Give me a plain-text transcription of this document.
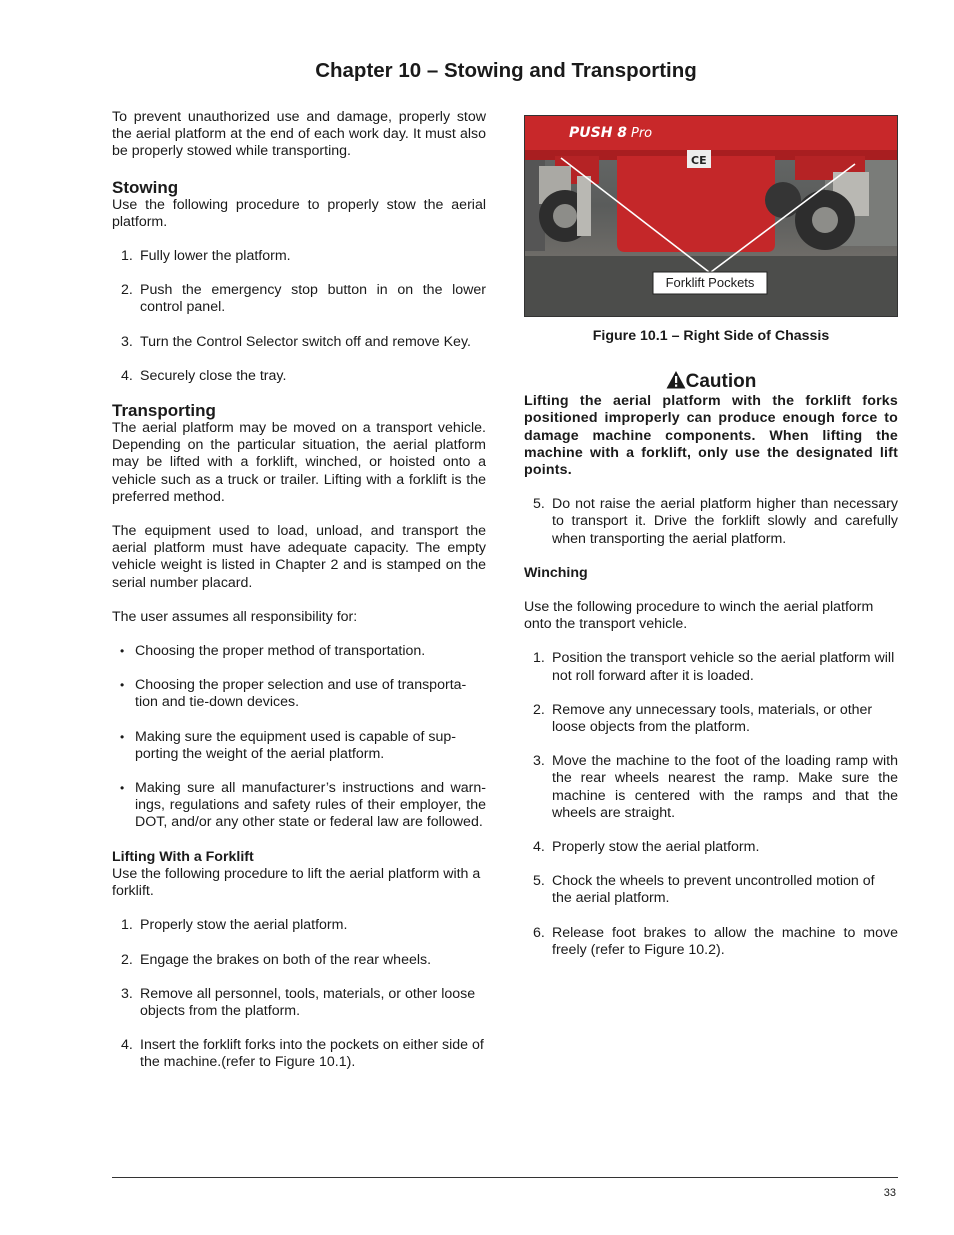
Chapter 10 – Stowing and Transporting

To prevent unauthorized use and damage, properly stow the aerial platform at the end of each work day. It must also be properly stowed while transporting.

Stowing

Use the following procedure to properly stow the aerial platform.

1. Fully lower the platform.
2. Push the emergency stop button in on the lower control panel.
3. Turn the Control Selector switch off and remove Key.
4. Securely close the tray.
Transporting

The aerial platform may be moved on a transport vehicle. Depending on the particular situation, the aerial platform may be lifted with a forklift, winched, or hoisted onto a vehicle such as a truck or trailer. Lifting with a forklift is the preferred method.

The equipment used to load, unload, and transport the aerial platform must have adequate capacity. The empty vehicle weight is listed in Chapter 2 and is stamped on the serial number placard.

The user assumes all responsibility for:

• Choosing the proper method of transportation.
• Choosing the proper selection and use of transporta-tion and tie-down devices.
• Making sure the equipment used is capable of sup-porting the weight of the aerial platform.
• Making sure all manufacturer’s instructions and warn-ings, regulations and safety rules of their employer, the DOT, and/or any other state or federal law are followed.
Lifting With a Forklift

Use the following procedure to lift the aerial platform with a forklift.

1. Properly stow the aerial platform.
2. Engage the brakes on both of the rear wheels.
3. Remove all personnel, tools, materials, or other loose objects from the platform.
4. Insert the forklift forks into the pockets on either side of the machine.(refer to Figure 10.1).
PUSH 8 Pro
CE
Forklift Pockets

Figure 10.1 – Right Side of Chassis

Caution

Lifting the aerial platform with the forklift forks positioned improperly can produce enough force to damage machine components. When lifting the machine with a forklift, only use the designated lift points.

5. Do not raise the aerial platform higher than necessary to transport it. Drive the forklift slowly and carefully when transporting the aerial platform.
Winching

Use the following procedure to winch the aerial platform onto the transport vehicle.

1. Position the transport vehicle so the aerial platform will not roll forward after it is loaded.
2. Remove any unnecessary tools, materials, or other loose objects from the platform.
3. Move the machine to the foot of the loading ramp with the rear wheels nearest the ramp. Make sure the machine is centered with the ramps and that the wheels are straight.
4. Properly stow the aerial platform.
5. Chock the wheels to prevent uncontrolled motion of the aerial platform.
6. Release foot brakes to allow the machine to move freely (refer to Figure 10.2).
33
